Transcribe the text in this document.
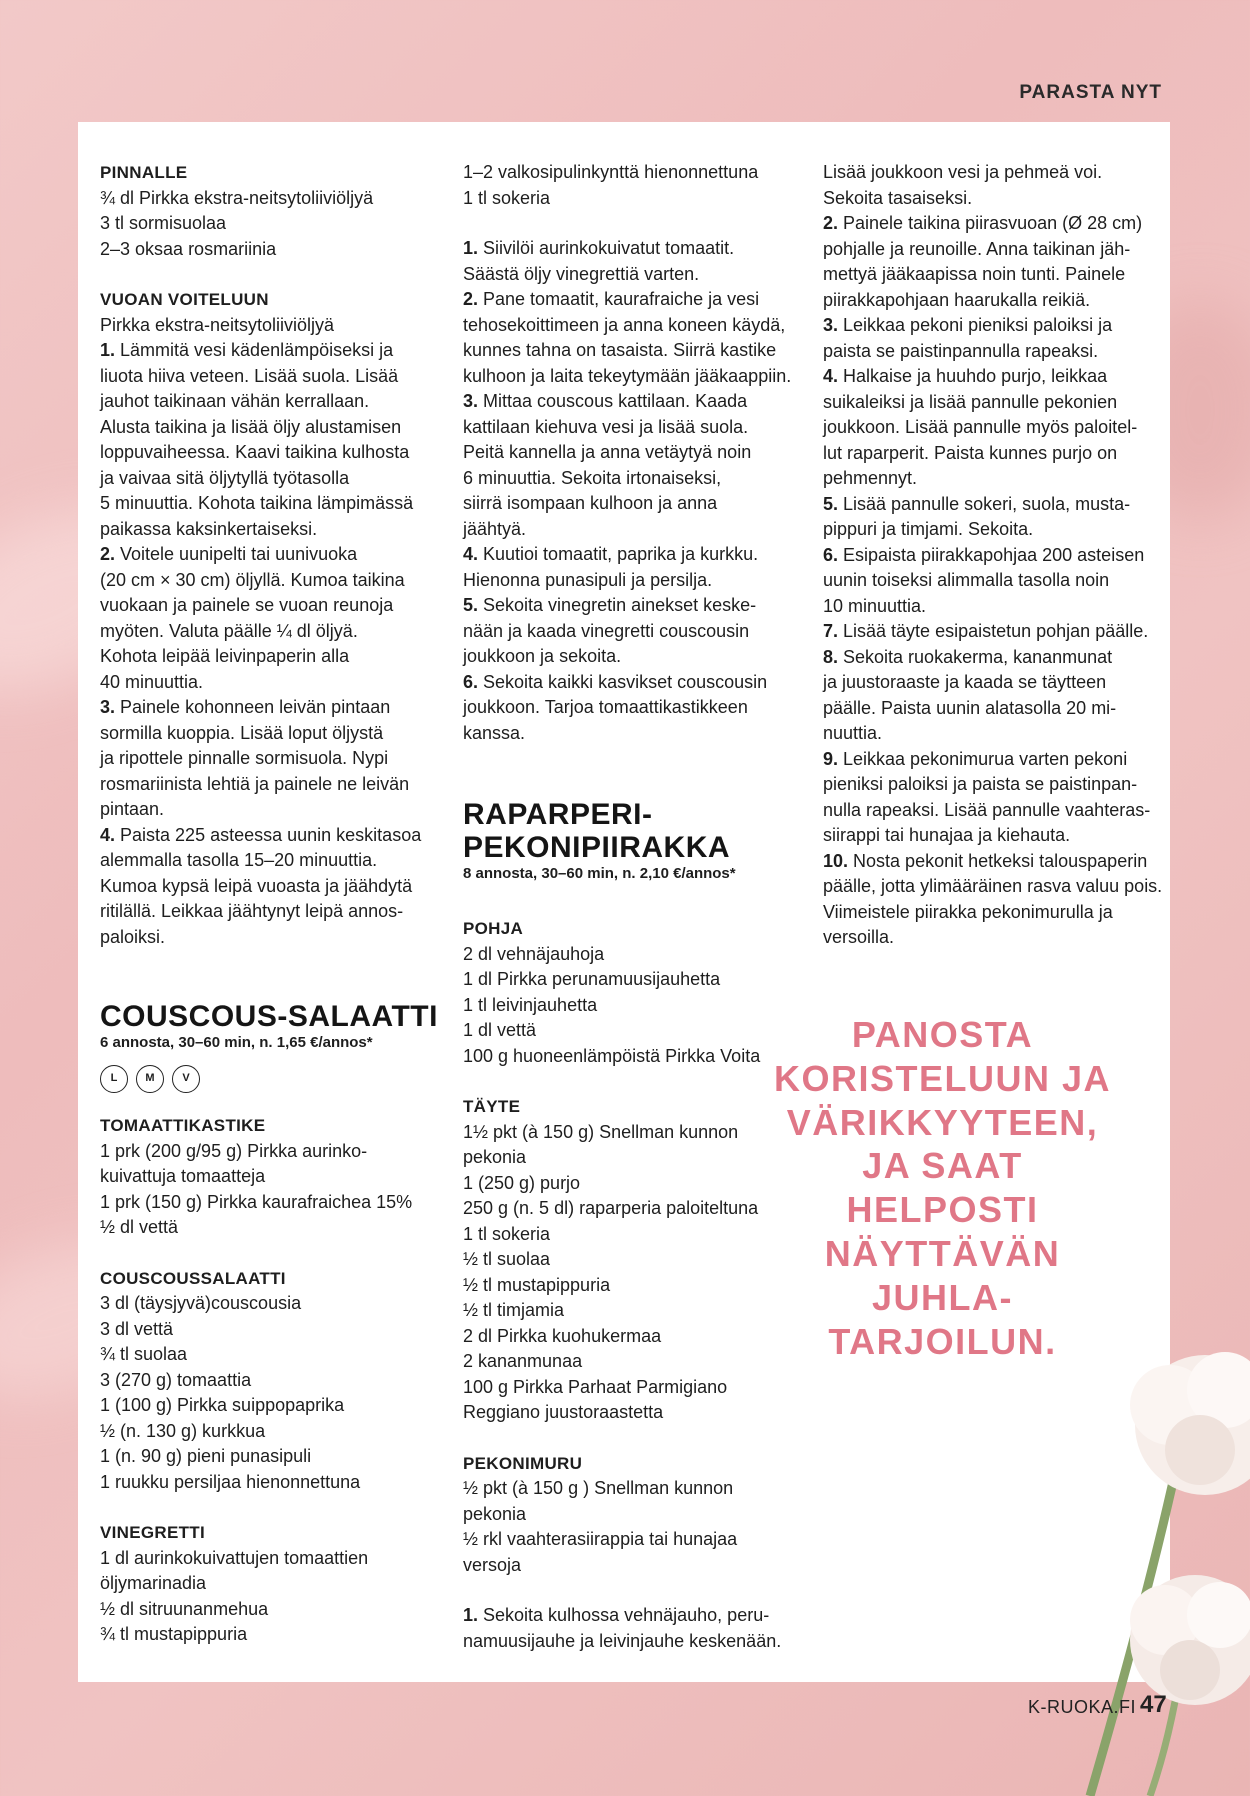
PARASTA NYT
PINNALLE
¾ dl Pirkka ekstra-neitsytoliiviöljyä
3 tl sormisuolaa
2–3 oksaa rosmariinia
VUOAN VOITELUUN
Pirkka ekstra-neitsytoliiviöljyä
1. Lämmitä vesi kädenlämpöiseksi ja
liuota hiiva veteen. Lisää suola. Lisää
jauhot taikinaan vähän kerrallaan.
Alusta taikina ja lisää öljy alustamisen
loppuvaiheessa. Kaavi taikina kulhosta
ja vaivaa sitä öljytyllä työtasolla
5 minuuttia. Kohota taikina lämpimässä
paikassa kaksinkertaiseksi.
2. Voitele uunipelti tai uunivuoka
(20 cm × 30 cm) öljyllä. Kumoa taikina
vuokaan ja painele se vuoan reunoja
myöten. Valuta päälle ¼ dl öljyä.
Kohota leipää leivinpaperin alla
40 minuuttia.
3. Painele kohonneen leivän pintaan
sormilla kuoppia. Lisää loput öljystä
ja ripottele pinnalle sormisuola. Nypi
rosmariinista lehtiä ja painele ne leivän
pintaan.
4. Paista 225 asteessa uunin keskitasoa
alemmalla tasolla 15–20 minuuttia.
Kumoa kypsä leipä vuoasta ja jäähdytä
ritilällä. Leikkaa jäähtynyt leipä annos-
paloiksi.
COUSCOUS-SALAATTI
6 annosta, 30–60 min, n. 1,65 €/annos*
L	M	V
TOMAATTIKASTIKE
1 prk (200 g/95 g) Pirkka aurinko-
kuivattuja tomaatteja
1 prk (150 g) Pirkka kaurafraichea 15%
½ dl vettä
COUSCOUSSALAATTI
3 dl (täysjyvä)couscousia
3 dl vettä
¾ tl suolaa
3 (270 g) tomaattia
1 (100 g) Pirkka suippopaprika
½ (n. 130 g) kurkkua
1 (n. 90 g) pieni punasipuli
1 ruukku persiljaa hienonnettuna
VINEGRETTI
1 dl aurinkokuivattujen tomaattien
öljymarinadia
½ dl sitruunanmehua
¾ tl mustapippuria
1–2 valkosipulinkynttä hienonnettuna
1 tl sokeria
1. Siivilöi aurinkokuivatut tomaatit.
Säästä öljy vinegrettiä varten.
2. Pane tomaatit, kaurafraiche ja vesi
tehosekoittimeen ja anna koneen käydä,
kunnes tahna on tasaista. Siirrä kastike
kulhoon ja laita tekeytymään jääkaappiin.
3. Mittaa couscous kattilaan. Kaada
kattilaan kiehuva vesi ja lisää suola.
Peitä kannella ja anna vetäytyä noin
6 minuuttia. Sekoita irtonaiseksi,
siirrä isompaan kulhoon ja anna
jäähtyä.
4. Kuutioi tomaatit, paprika ja kurkku.
Hienonna punasipuli ja persilja.
5. Sekoita vinegretin ainekset keske-
nään ja kaada vinegretti couscousin
joukkoon ja sekoita.
6. Sekoita kaikki kasvikset couscousin
joukkoon. Tarjoa tomaattikastikkeen
kanssa.
RAPARPERI-
PEKONIPIIRAKKA
8 annosta, 30–60 min, n. 2,10 €/annos*
POHJA
2 dl vehnäjauhoja
1 dl Pirkka perunamuusijauhetta
1 tl leivinjauhetta
1 dl vettä
100 g huoneenlämpöistä Pirkka Voita
TÄYTE
1½ pkt (à 150 g) Snellman kunnon
pekonia
1 (250 g) purjo
250 g (n. 5 dl) raparperia paloiteltuna
1 tl sokeria
½ tl suolaa
½ tl mustapippuria
½ tl timjamia
2 dl Pirkka kuohukermaa
2 kananmunaa
100 g Pirkka Parhaat Parmigiano
Reggiano juustoraastetta
PEKONIMURU
½ pkt (à 150 g ) Snellman kunnon
pekonia
½ rkl vaahterasiirappia tai hunajaa
versoja
1. Sekoita kulhossa vehnäjauho, peru-
namuusijauhe ja leivinjauhe keskenään.
Lisää joukkoon vesi ja pehmeä voi.
Sekoita tasaiseksi.
2. Painele taikina piirasvuoan (Ø 28 cm)
pohjalle ja reunoille. Anna taikinan jäh-
mettyä jääkaapissa noin tunti. Painele
piirakkapohjaan haarukalla reikiä.
3. Leikkaa pekoni pieniksi paloiksi ja
paista se paistinpannulla rapeaksi.
4. Halkaise ja huuhdo purjo, leikkaa
suikaleiksi ja lisää pannulle pekonien
joukkoon. Lisää pannulle myös paloitel-
lut raparperit. Paista kunnes purjo on
pehmennyt.
5. Lisää pannulle sokeri, suola, musta-
pippuri ja timjami. Sekoita.
6. Esipaista piirakkapohjaa 200 asteisen
uunin toiseksi alimmalla tasolla noin
10 minuuttia.
7. Lisää täyte esipaistetun pohjan päälle.
8. Sekoita ruokakerma, kananmunat
ja juustoraaste ja kaada se täytteen
päälle. Paista uunin alatasolla 20 mi-
nuuttia.
9. Leikkaa pekonimurua varten pekoni
pieniksi paloiksi ja paista se paistinpan-
nulla rapeaksi. Lisää pannulle vaahteras-
siirappi tai hunajaa ja kiehauta.
10. Nosta pekonit hetkeksi talouspaperin
päälle, jotta ylimääräinen rasva valuu pois.
Viimeistele piirakka pekonimurulla ja
versoilla.
PANOSTA
KORISTELUUN JA
VÄRIKKYYTEEN,
JA SAAT
HELPOSTI
NÄYTTÄVÄN
JUHLA-
TARJOILUN.
K-RUOKA.FI 47
